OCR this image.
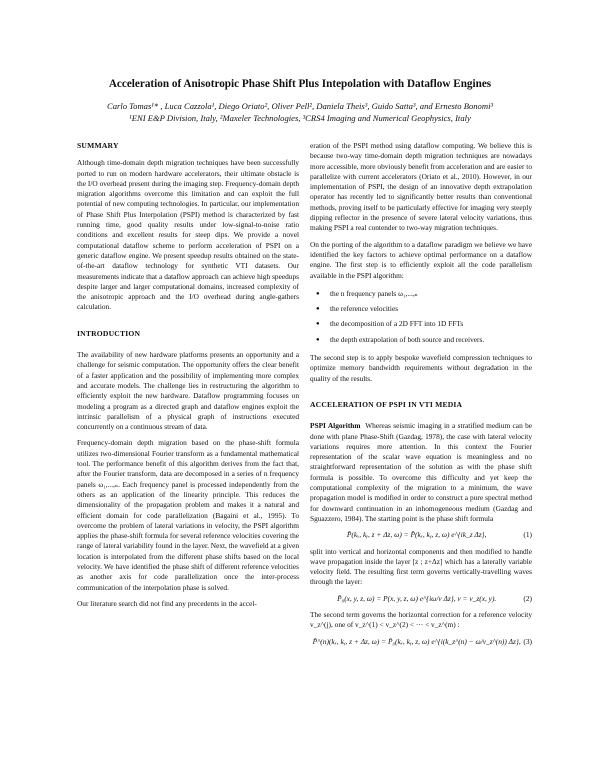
Acceleration of Anisotropic Phase Shift Plus Intepolation with Dataflow Engines
Carlo Tomas¹* , Luca Cazzola¹, Diego Oriato², Oliver Pell², Daniela Theis³, Guido Satta³, and Ernesto Bonomi³
¹ENI E&P Division, Italy, ²Maxeler Technologies, ³CRS4 Imaging and Numerical Geophysics, Italy
SUMMARY

Although time-domain depth migration techniques have been successfully ported to run on modern hardware accelerators, their ultimate obstacle is the I/O overhead present during the imaging step. Frequency-domain depth migration algorithms overcome this limitation and can exploit the full potential of new computing technologies. In particular, our implementation of Phase Shift Plus Interpolation (PSPI) method is characterized by fast running time, good quality results under low-signal-to-noise ratio conditions and excellent results for steep dips. We provide a novel computational dataflow scheme to perform acceleration of PSPI on a generic dataflow engine. We present speedup results obtained on the state-of-the-art dataflow technology for synthetic VTI datasets. Our measurements indicate that a dataflow approach can achieve high speedups despite larger and larger computational domains, increased complexity of the anisotropic approach and the I/O overhead during angle-gathers calculation.

INTRODUCTION

The availability of new hardware platforms presents an opportunity and a challenge for seismic computation. The opportunity offers the clear benefit of a faster application and the possibility of implementing more complex and accurate models. The challenge lies in restructuring the algorithm to efficiently exploit the new hardware. Dataflow programming focuses on modeling a program as a directed graph and dataflow engines exploit the intrinsic parallelism of a physical graph of instructions executed concurrently on a continuous stream of data.

Frequency-domain depth migration based on the phase-shift formula utilizes two-dimensional Fourier transform as a fundamental mathematical tool. The performance benefit of this algorithm derives from the fact that, after the Fourier transform, data are decomposed in a series of n frequency panels ω₁,...,ₙ. Each frequency panel is processed independently from the others as an application of the linearity principle. This reduces the dimensionality of the propagation problem and makes it a natural and efficient domain for code parallelization (Bagaini et al., 1995). To overcome the problem of lateral variations in velocity, the PSPI algorithm applies the phase-shift formula for several reference velocities covering the range of lateral variability found in the layer. Next, the wavefield at a given location is interpolated from the different phase shifts based on the local velocity. We have identified the phase shift of different reference velocities as another axis for code parallelization once the inter-process communication of the interpolation phase is solved.

Our literature search did not find any precedents in the accel-

eration of the PSPI method using dataflow computing. We believe this is because two-way time-domain depth migration techniques are nowadays more accessible, more obviously benefit from acceleration and are easier to parallelize with current accelerators (Oriato et al., 2010). However, in our implementation of PSPI, the design of an innovative depth extrapolation operator has recently led to significantly better results than conventional methods, proving itself to be particularly effective for imaging very steeply dipping reflector in the presence of severe lateral velocity variations, thus making PSPI a real contender to two-way migration techniques.

On the porting of the algorithm to a dataflow paradigm we believe we have identified the key factors to achieve optimal performance on a dataflow engine. The first step is to efficiently exploit all the code parallelism available in the PSPI algorithm:

● the n frequency panels ω₁,...,ₙ
● the reference velocities
● the decomposition of a 2D FFT into 1D FFTs
● the depth extrapolation of both source and receivers.

The second step is to apply bespoke wavefield compression techniques to optimize memory bandwidth requirements without degradation in the quality of the results.

ACCELERATION OF PSPI IN VTI MEDIA

PSPI Algorithm Whereas seismic imaging in a stratified medium can be done with plane Phase-Shift (Gazdag, 1978), the case with lateral velocity variations requires more attention. In this context the Fourier representation of the scalar wave equation is meaningless and no straightforward representation of the solution as with the phase shift formula is possible. To overcome this difficulty and yet keep the computational complexity of the migration to a minimum, the wave propagation model is modified in order to construct a pure spectral method for downward continuation in an inhomogeneous medium (Gazdag and Sguazzero, 1984). The starting point is the phase shift formula

P̂(kₓ, kᵧ, z + Δz, ω) = P̂(kₓ, kᵧ, z, ω) e^{ik_z Δz},	(1)

split into vertical and horizontal components and then modified to handle wave propagation inside the layer [z ; z+Δz] which has a laterally variable velocity field. The resulting first term governs vertically-travelling waves through the layer:

P̂₀(x, y, z, ω) = P(x, y, z, ω) e^{iω/v Δz}, v = v_z(x, y).	(2)

The second term governs the horizontal correction for a reference velocity v_z^(j), one of v_z^(1) < v_z^(2) < ··· < v_z^(m) :

P̂^(n)(kₓ, kᵧ, z + Δz, ω) = P̂₀(kₓ, kᵧ, z, ω) e^{i(k_z^(n) − ω/v_z^(n)) Δz}, (3)
